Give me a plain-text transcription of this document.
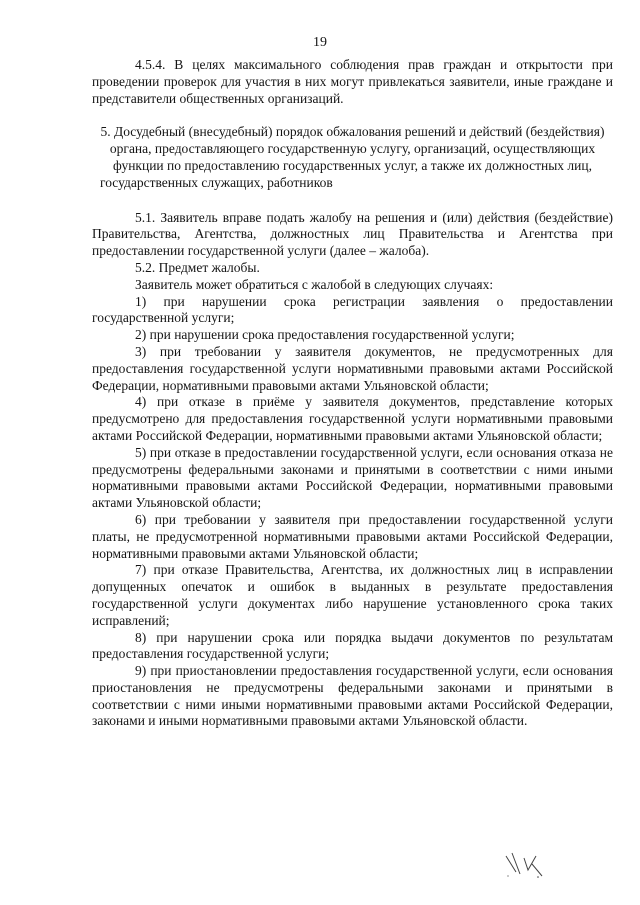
19

4.5.4. В целях максимального соблюдения прав граждан и открытости при проведении проверок для участия в них могут привлекаться заявители, иные граждане и представители общественных организаций.

5. Досудебный (внесудебный) порядок обжалования решений и действий (бездействия) органа, предоставляющего государственную услугу, организаций, осуществляющих функции по предоставлению государственных услуг, а также их должностных лиц, государственных служащих, работников

5.1. Заявитель вправе подать жалобу на решения и (или) действия (бездействие) Правительства, Агентства, должностных лиц Правительства и Агентства при предоставлении государственной услуги (далее – жалоба).

5.2. Предмет жалобы.

Заявитель может обратиться с жалобой в следующих случаях:

1) при нарушении срока регистрации заявления о предоставлении государственной услуги;

2) при нарушении срока предоставления государственной услуги;

3) при требовании у заявителя документов, не предусмотренных для предоставления государственной услуги нормативными правовыми актами Российской Федерации, нормативными правовыми актами Ульяновской области;

4) при отказе в приёме у заявителя документов, представление которых предусмотрено для предоставления государственной услуги нормативными правовыми актами Российской Федерации, нормативными правовыми актами Ульяновской области;

5) при отказе в предоставлении государственной услуги, если основания отказа не предусмотрены федеральными законами и принятыми в соответствии с ними иными нормативными правовыми актами Российской Федерации, нормативными правовыми актами Ульяновской области;

6) при требовании у заявителя при предоставлении государственной услуги платы, не предусмотренной нормативными правовыми актами Российской Федерации, нормативными правовыми актами Ульяновской области;

7) при отказе Правительства, Агентства, их должностных лиц в исправлении допущенных опечаток и ошибок в выданных в результате предоставления государственной услуги документах либо нарушение установленного срока таких исправлений;

8) при нарушении срока или порядка выдачи документов по результатам предоставления государственной услуги;

9) при приостановлении предоставления государственной услуги, если основания приостановления не предусмотрены федеральными законами и принятыми в соответствии с ними иными нормативными правовыми актами Российской Федерации, законами и иными нормативными правовыми актами Ульяновской области.
